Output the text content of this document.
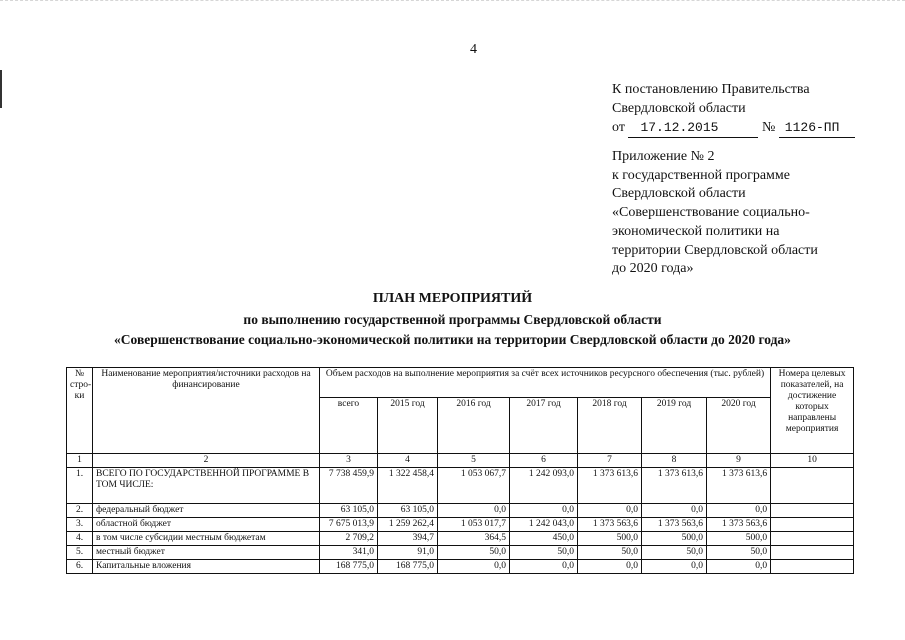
4
К постановлению Правительства
Свердловской области
от 17.12.2015	№ 1126-ПП
Приложение № 2
к государственной программе
Свердловской области
«Совершенствование социально-
экономической политики на
территории Свердловской области
до 2020 года»
ПЛАН МЕРОПРИЯТИЙ
по выполнению государственной программы Свердловской области
«Совершенствование социально-экономической политики на территории Свердловской области до 2020 года»
№ стро-ки	Наименование мероприятия/источники расходов на финансирование	Объем расходов на выполнение мероприятия за счёт всех источников ресурсного обеспечения (тыс. рублей)							Номера целевых показателей, на достижение которых направлены мероприятия
		всего	2015 год	2016 год	2017 год	2018 год	2019 год	2020 год	
1	2	3	4	5	6	7	8	9	10
1.	ВСЕГО ПО ГОСУДАРСТВЕННОЙ ПРОГРАММЕ В ТОМ ЧИСЛЕ:	7 738 459,9	1 322 458,4	1 053 067,7	1 242 093,0	1 373 613,6	1 373 613,6	1 373 613,6	
2.	федеральный бюджет	63 105,0	63 105,0	0,0	0,0	0,0	0,0	0,0	
3.	областной бюджет	7 675 013,9	1 259 262,4	1 053 017,7	1 242 043,0	1 373 563,6	1 373 563,6	1 373 563,6	
4.	в том числе субсидии местным бюджетам	2 709,2	394,7	364,5	450,0	500,0	500,0	500,0	
5.	местный бюджет	341,0	91,0	50,0	50,0	50,0	50,0	50,0	
6.	Капитальные вложения	168 775,0	168 775,0	0,0	0,0	0,0	0,0	0,0	
